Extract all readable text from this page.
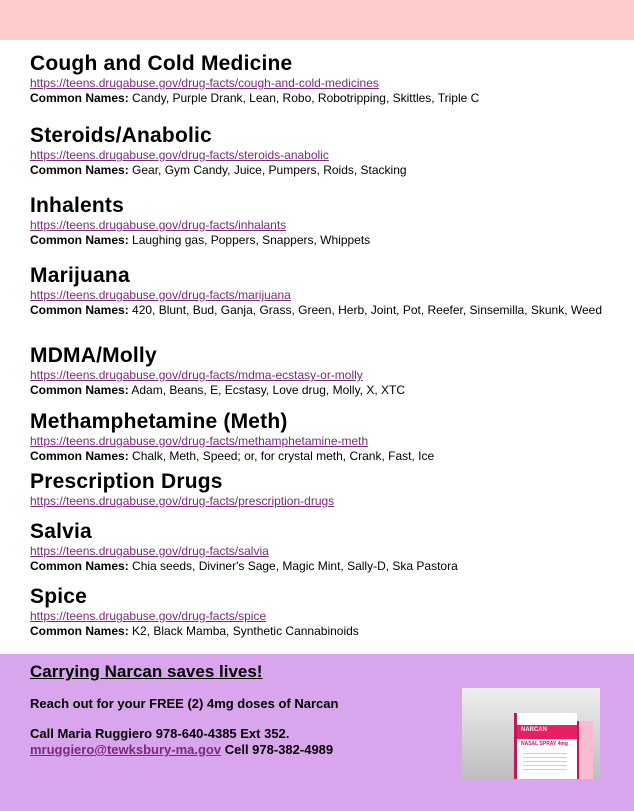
Cough and Cold Medicine
https://teens.drugabuse.gov/drug-facts/cough-and-cold-medicines
Common Names: Candy, Purple Drank, Lean, Robo, Robotripping, Skittles, Triple C
Steroids/Anabolic
https://teens.drugabuse.gov/drug-facts/steroids-anabolic
Common Names: Gear, Gym Candy, Juice, Pumpers, Roids, Stacking
Inhalents
https://teens.drugabuse.gov/drug-facts/inhalants
Common Names: Laughing gas, Poppers, Snappers, Whippets
Marijuana
https://teens.drugabuse.gov/drug-facts/marijuana
Common Names: 420, Blunt, Bud, Ganja, Grass, Green, Herb, Joint, Pot, Reefer, Sinsemilla, Skunk, Weed
MDMA/Molly
https://teens.drugabuse.gov/drug-facts/mdma-ecstasy-or-molly
Common Names: Adam, Beans, E, Ecstasy, Love drug, Molly, X, XTC
Methamphetamine (Meth)
https://teens.drugabuse.gov/drug-facts/methamphetamine-meth
Common Names: Chalk, Meth, Speed; or, for crystal meth, Crank, Fast, Ice
Prescription Drugs
https://teens.drugabuse.gov/drug-facts/prescription-drugs
Salvia
https://teens.drugabuse.gov/drug-facts/salvia
Common Names: Chia seeds, Diviner's Sage, Magic Mint, Sally-D, Ska Pastora
Spice
https://teens.drugabuse.gov/drug-facts/spice
Common Names: K2, Black Mamba, Synthetic Cannabinoids
Carrying Narcan saves lives!
Reach out for your FREE (2) 4mg doses of Narcan
Call Maria Ruggiero 978-640-4385 Ext 352.
mruggiero@tewksbury-ma.gov Cell 978-382-4989
NARCAN
NASAL SPRAY 4mg
